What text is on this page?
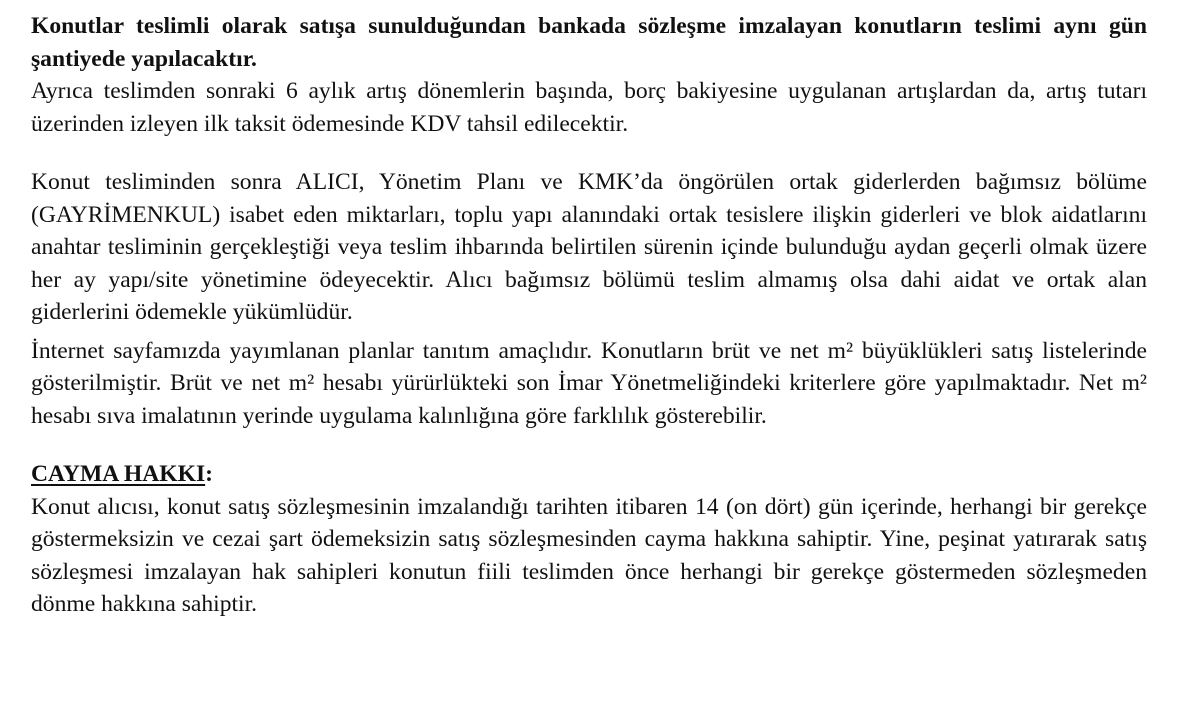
Konutlar teslimli olarak satışa sunulduğundan bankada sözleşme imzalayan konutların teslimi aynı gün şantiyede yapılacaktır.

Ayrıca teslimden sonraki 6 aylık artış dönemlerin başında, borç bakiyesine uygulanan artışlardan da, artış tutarı üzerinden izleyen ilk taksit ödemesinde KDV tahsil edilecektir.

Konut tesliminden sonra ALICI, Yönetim Planı ve KMK’da öngörülen ortak giderlerden bağımsız bölüme (GAYRİMENKUL) isabet eden miktarları, toplu yapı alanındaki ortak tesislere ilişkin giderleri ve blok aidatlarını anahtar tesliminin gerçekleştiği veya teslim ihbarında belirtilen sürenin içinde bulunduğu aydan geçerli olmak üzere her ay yapı/site yönetimine ödeyecektir. Alıcı bağımsız bölümü teslim almamış olsa dahi aidat ve ortak alan giderlerini ödemekle yükümlüdür.

İnternet sayfamızda yayımlanan planlar tanıtım amaçlıdır. Konutların brüt ve net m² büyüklükleri satış listelerinde gösterilmiştir. Brüt ve net m² hesabı yürürlükteki son İmar Yönetmeliğindeki kriterlere göre yapılmaktadır. Net m² hesabı sıva imalatının yerinde uygulama kalınlığına göre farklılık gösterebilir.

CAYMA HAKKI:

Konut alıcısı, konut satış sözleşmesinin imzalandığı tarihten itibaren 14 (on dört) gün içerinde, herhangi bir gerekçe göstermeksizin ve cezai şart ödemeksizin satış sözleşmesinden cayma hakkına sahiptir. Yine, peşinat yatırarak satış sözleşmesi imzalayan hak sahipleri konutun fiili teslimden önce herhangi bir gerekçe göstermeden sözleşmeden dönme hakkına sahiptir.
